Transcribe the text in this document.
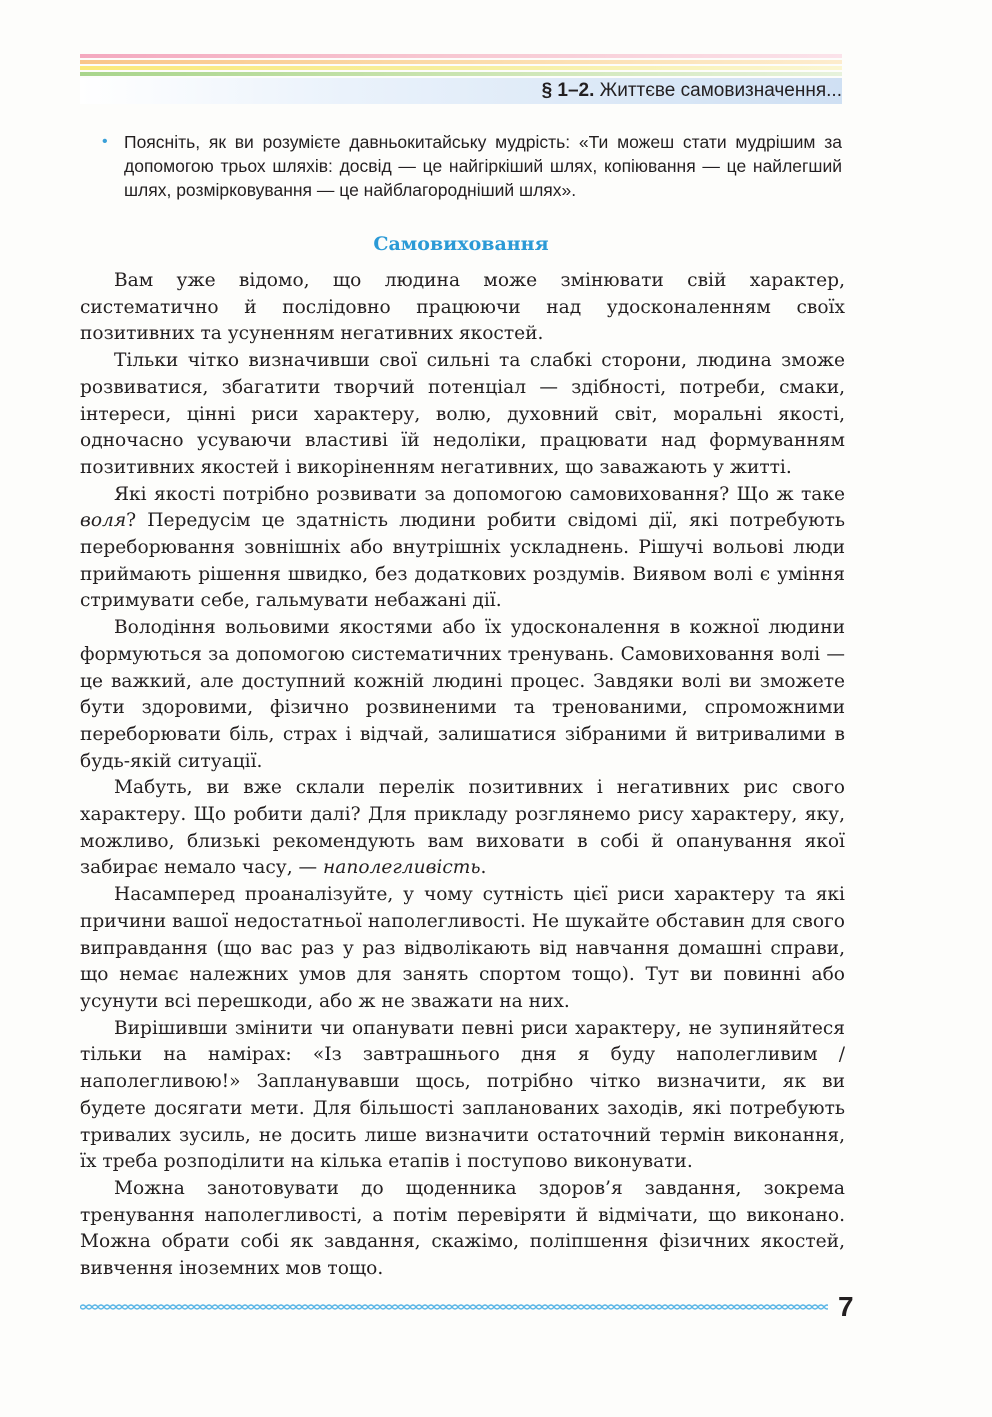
§ 1–2. Життєве самовизначення...
• Поясніть, як ви розумієте давньокитайську мудрість: «Ти можеш стати мудрішим за допомогою трьох шляхів: досвід — це найгіркіший шлях, копіювання — це найлегший шлях, розмірковування — це найблагородніший шлях».
Самовиховання

Вам уже відомо, що людина може змінювати свій характер, систематично й послідовно працюючи над удосконаленням своїх позитивних та усуненням негативних якостей.

Тільки чітко визначивши свої сильні та слабкі сторони, людина зможе розвиватися, збагатити творчий потенціал — здібності, потреби, смаки, інтереси, цінні риси характеру, волю, духовний світ, моральні якості, одночасно усуваючи властиві їй недоліки, працювати над формуванням позитивних якостей і викоріненням негативних, що заважають у житті.

Які якості потрібно розвивати за допомогою самовиховання? Що ж таке воля? Передусім це здатність людини робити свідомі дії, які потребують переборювання зовнішніх або внутрішніх ускладнень. Рішучі вольові люди приймають рішення швидко, без додаткових роздумів. Виявом волі є уміння стримувати себе, гальмувати небажані дії.

Володіння вольовими якостями або їх удосконалення в кожної людини формуються за допомогою систематичних тренувань. Самовиховання волі — це важкий, але доступний кожній людині процес. Завдяки волі ви зможете бути здоровими, фізично розвиненими та тренованими, спроможними переборювати біль, страх і відчай, залишатися зібраними й витривалими в будь-якій ситуації.

Мабуть, ви вже склали перелік позитивних і негативних рис свого характеру. Що робити далі? Для прикладу розглянемо рису характеру, яку, можливо, близькі рекомендують вам виховати в собі й опанування якої забирає немало часу, — наполегливість.

Насамперед проаналізуйте, у чому сутність цієї риси характеру та які причини вашої недостатньої наполегливості. Не шукайте обставин для свого виправдання (що вас раз у раз відволікають від навчання домашні справи, що немає належних умов для занять спортом тощо). Тут ви повинні або усунути всі перешкоди, або ж не зважати на них.

Вирішивши змінити чи опанувати певні риси характеру, не зупиняйтеся тільки на намірах: «Із завтрашнього дня я буду наполегливим / наполегливою!» Запланувавши щось, потрібно чітко визначити, як ви будете досягати мети. Для більшості запланованих заходів, які потребують тривалих зусиль, не досить лише визначити остаточний термін виконання, їх треба розподілити на кілька етапів і поступово виконувати.

Можна занотовувати до щоденника здоров’я завдання, зокрема тренування наполегливості, а потім перевіряти й відмічати, що виконано. Можна обрати собі як завдання, скажімо, поліпшення фізичних якостей, вивчення іноземних мов тощо.

7
